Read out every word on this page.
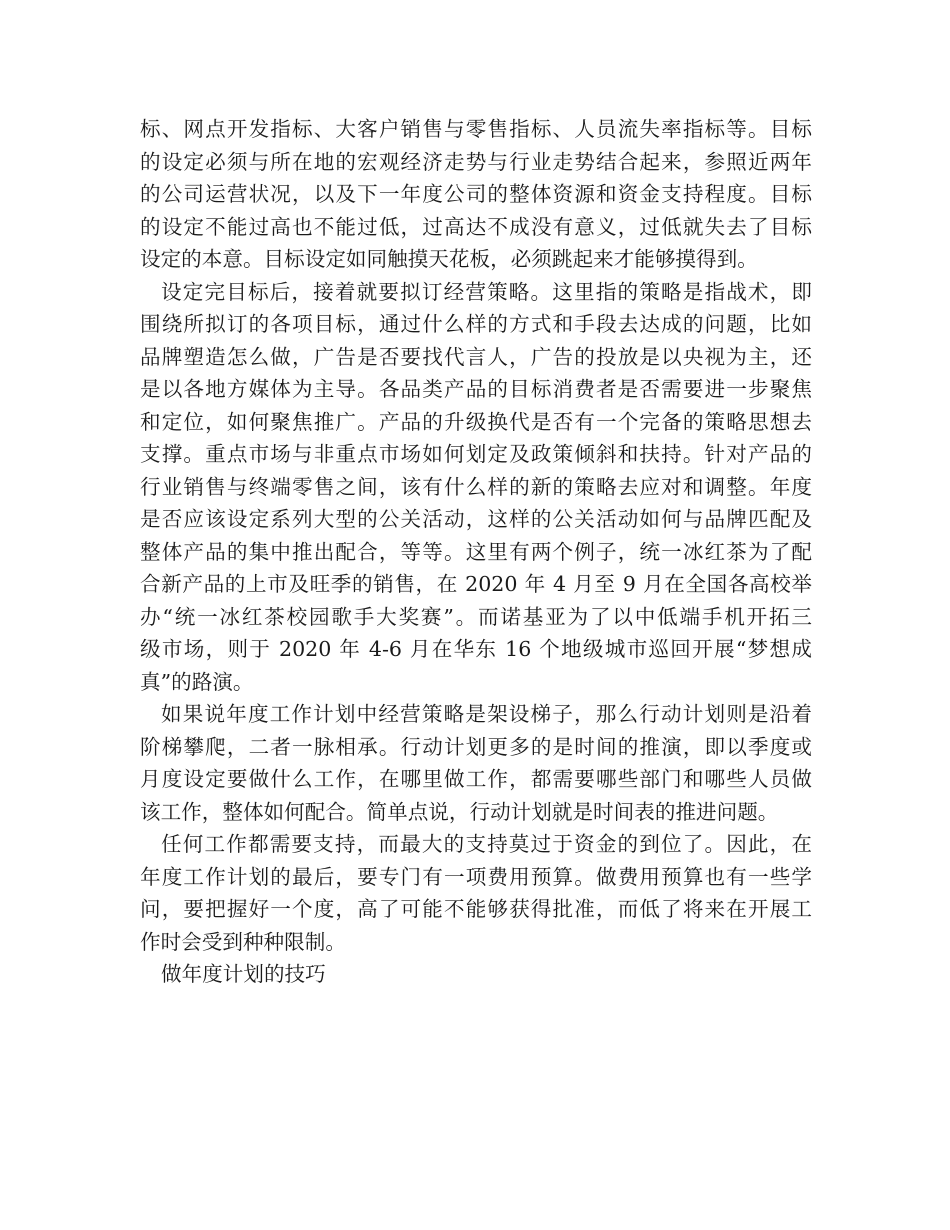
标、网点开发指标、大客户销售与零售指标、人员流失率指标等。目标
的设定必须与所在地的宏观经济走势与行业走势结合起来，参照近两年
的公司运营状况，以及下一年度公司的整体资源和资金支持程度。目标
的设定不能过高也不能过低，过高达不成没有意义，过低就失去了目标
设定的本意。目标设定如同触摸天花板，必须跳起来才能够摸得到。
设定完目标后，接着就要拟订经营策略。这里指的策略是指战术，即
围绕所拟订的各项目标，通过什么样的方式和手段去达成的问题，比如
品牌塑造怎么做，广告是否要找代言人，广告的投放是以央视为主，还
是以各地方媒体为主导。各品类产品的目标消费者是否需要进一步聚焦
和定位，如何聚焦推广。产品的升级换代是否有一个完备的策略思想去
支撑。重点市场与非重点市场如何划定及政策倾斜和扶持。针对产品的
行业销售与终端零售之间，该有什么样的新的策略去应对和调整。年度
是否应该设定系列大型的公关活动，这样的公关活动如何与品牌匹配及
整体产品的集中推出配合，等等。这里有两个例子，统一冰红茶为了配
合新产品的上市及旺季的销售，在 2020 年 4 月至 9 月在全国各高校举
办“统一冰红茶校园歌手大奖赛”。而诺基亚为了以中低端手机开拓三
级市场，则于 2020 年 4-6 月在华东 16 个地级城市巡回开展“梦想成
真”的路演。
如果说年度工作计划中经营策略是架设梯子，那么行动计划则是沿着
阶梯攀爬，二者一脉相承。行动计划更多的是时间的推演，即以季度或
月度设定要做什么工作，在哪里做工作，都需要哪些部门和哪些人员做
该工作，整体如何配合。简单点说，行动计划就是时间表的推进问题。
任何工作都需要支持，而最大的支持莫过于资金的到位了。因此，在
年度工作计划的最后，要专门有一项费用预算。做费用预算也有一些学
问，要把握好一个度，高了可能不能够获得批准，而低了将来在开展工
作时会受到种种限制。
做年度计划的技巧
